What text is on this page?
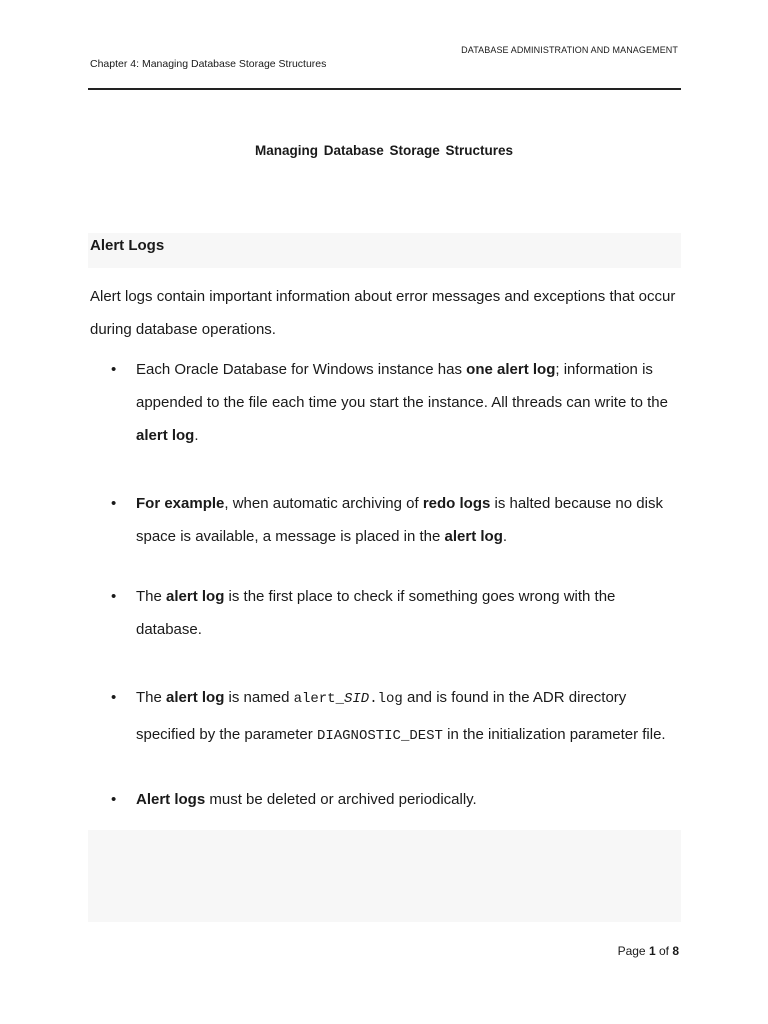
DATABASE ADMINISTRATION AND MANAGEMENT
Chapter 4: Managing Database Storage Structures
Managing Database Storage Structures
Alert Logs

Alert logs contain important information about error messages and exceptions that occur during database operations.

• Each Oracle Database for Windows instance has one alert log; information is appended to the file each time you start the instance. All threads can write to the alert log.

• For example, when automatic archiving of redo logs is halted because no disk space is available, a message is placed in the alert log.

• The alert log is the first place to check if something goes wrong with the database.

• The alert log is named alert_SID.log and is found in the ADR directory specified by the parameter DIAGNOSTIC_DEST in the initialization parameter file.

• Alert logs must be deleted or archived periodically.

Page 1 of 8
